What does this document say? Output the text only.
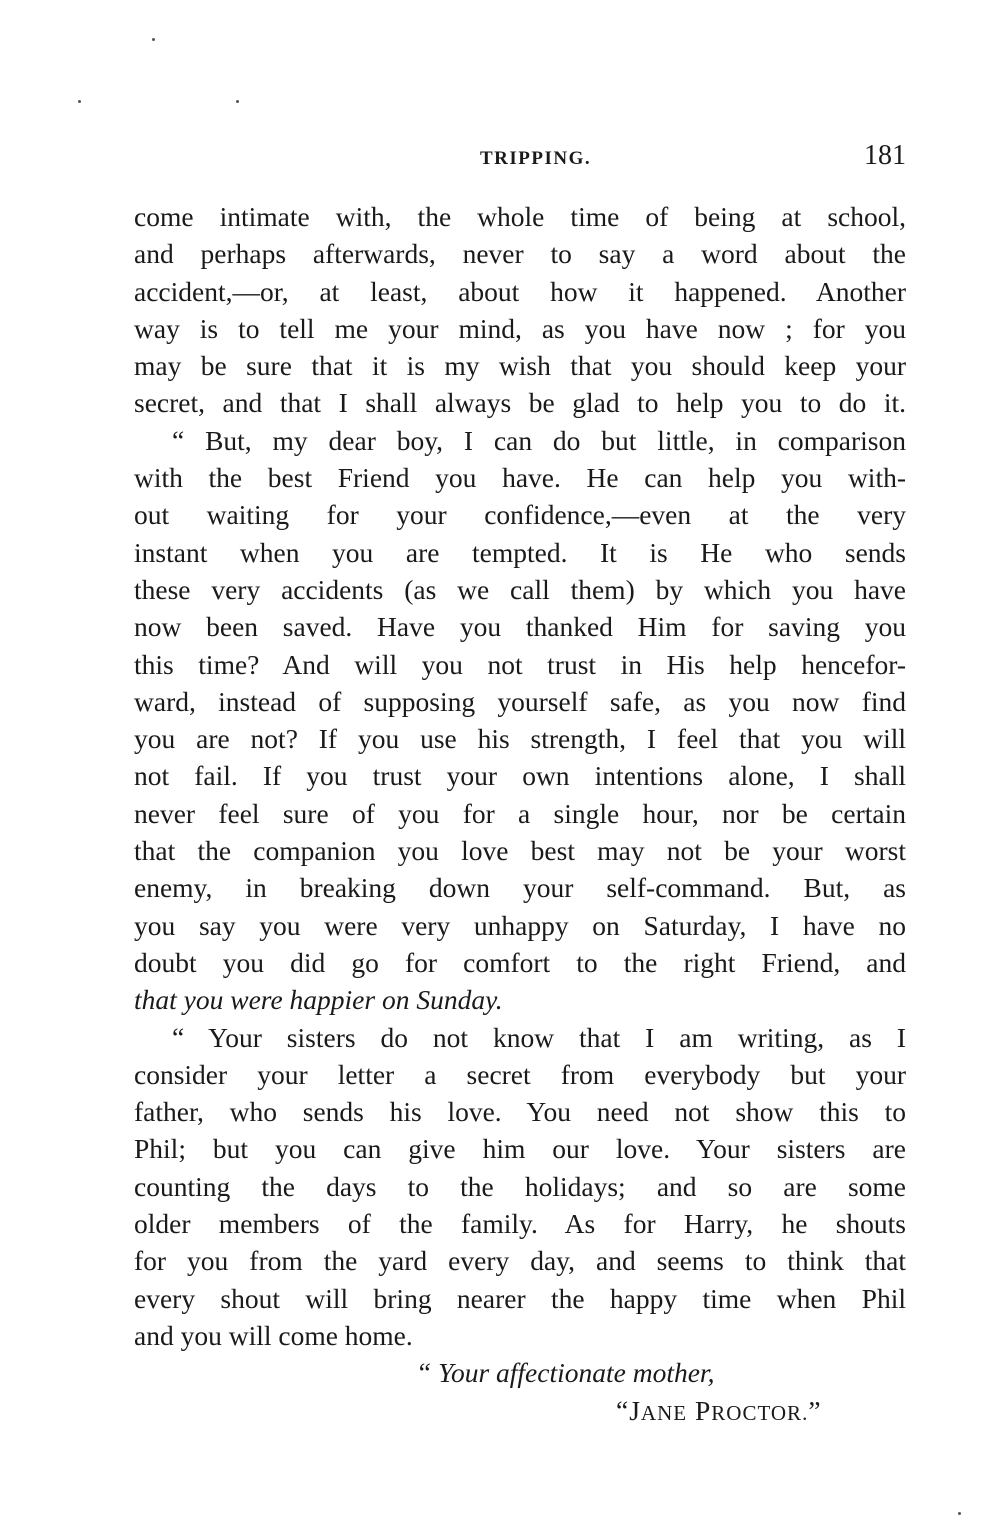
TRIPPING.	181
come intimate with, the whole time of being at school,
and perhaps afterwards, never to say a word about the
accident,—or, at least, about how it happened. Another
way is to tell me your mind, as you have now ; for you
may be sure that it is my wish that you should keep your
secret, and that I shall always be glad to help you to do it.
“ But, my dear boy, I can do but little, in comparison
with the best Friend you have. He can help you with-
out waiting for your confidence,—even at the very
instant when you are tempted. It is He who sends
these very accidents (as we call them) by which you have
now been saved. Have you thanked Him for saving you
this time? And will you not trust in His help hencefor-
ward, instead of supposing yourself safe, as you now find
you are not? If you use his strength, I feel that you will
not fail. If you trust your own intentions alone, I shall
never feel sure of you for a single hour, nor be certain
that the companion you love best may not be your worst
enemy, in breaking down your self-command. But, as
you say you were very unhappy on Saturday, I have no
doubt you did go for comfort to the right Friend, and
that you were happier on Sunday.
“ Your sisters do not know that I am writing, as I
consider your letter a secret from everybody but your
father, who sends his love. You need not show this to
Phil; but you can give him our love. Your sisters are
counting the days to the holidays; and so are some
older members of the family. As for Harry, he shouts
for you from the yard every day, and seems to think that
every shout will bring nearer the happy time when Phil
and you will come home.
“ Your affectionate mother,
“JANE PROCTOR.”
